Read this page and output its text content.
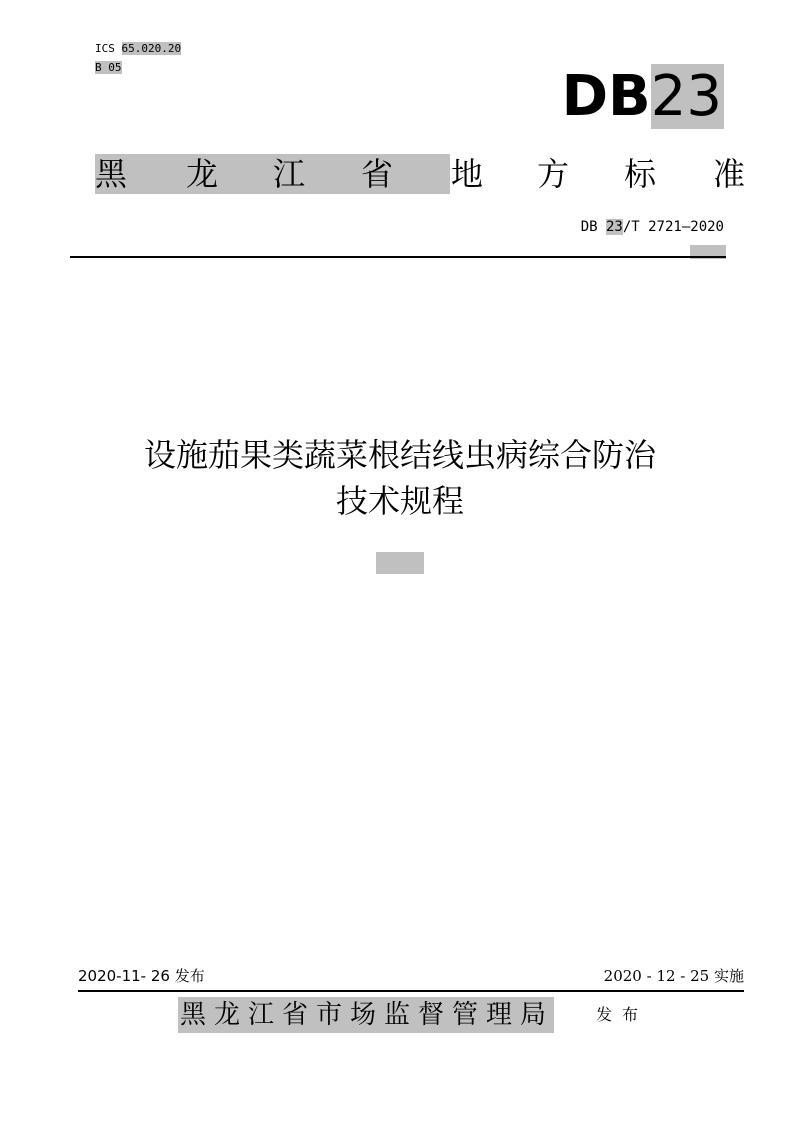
ICS 65.020.20
B 05	DB23
黑 龙 江 省 地 方 标 准
DB 23/T 2721—2020
设施茄果类蔬菜根结线虫病综合防治
技术规程
2020-11- 26 发布	2020 - 12 - 25 实施
黑龙江省市场监督管理局	发布
